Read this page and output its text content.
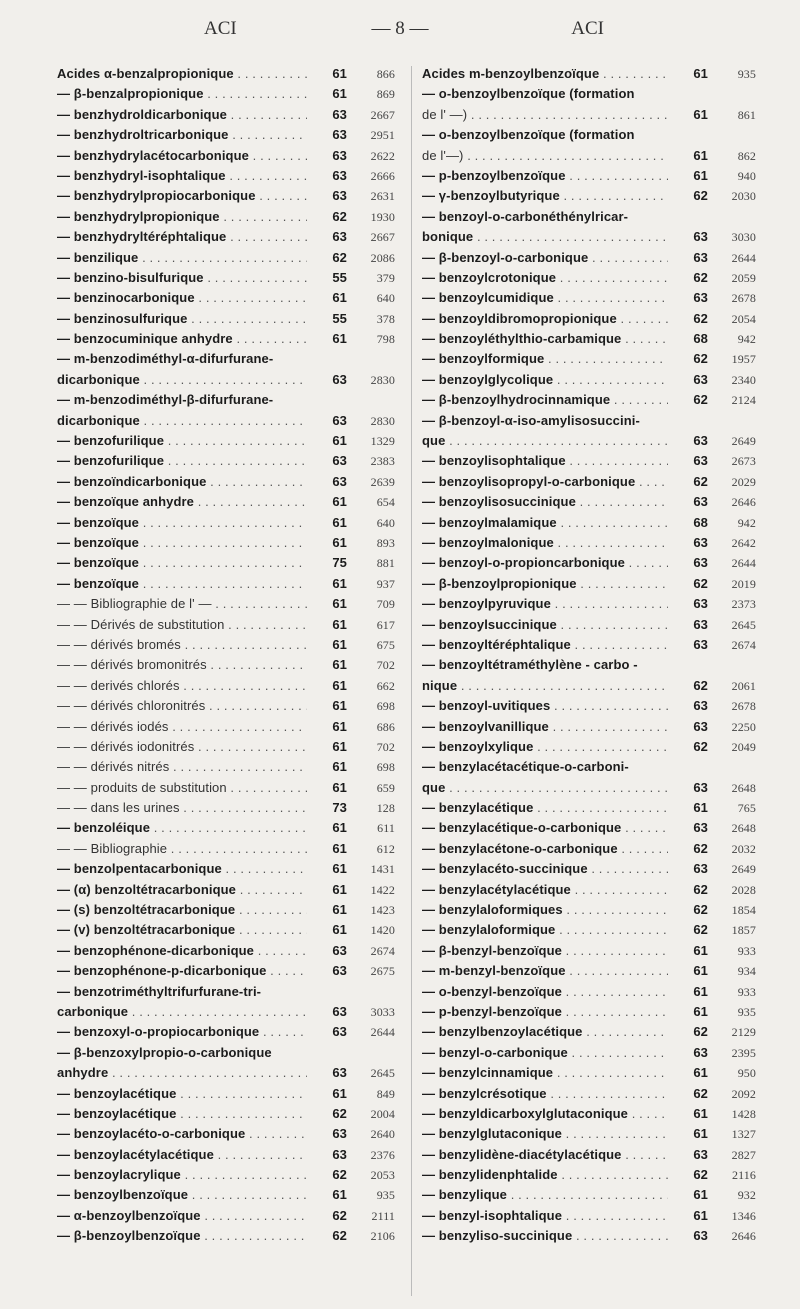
ACI	— 8 —	ACI
Acides α-benzalpropionique . . .	61	866
— β-benzalpropionique . . .	61	869
— benzhydroldicarbonique . . .	63	2667
— benzhydroltricarbonique . . .	63	2951
— benzhydrylacétocarbonique . . .	63	2622
— benzhydryl-isophtalique . . .	63	2666
— benzhydrylpropiocarbonique . . .	63	2631
— benzhydrylpropionique . . .	62	1930
— benzhydryltéréphtalique . . .	63	2667
— benzilique . . .	62	2086
— benzino-bisulfurique . . .	55	379
— benzinocarbonique . . .	61	640
— benzinosulfurique . . .	55	378
— benzocuminique anhydre . . .	61	798
— m-benzodiméthyl-α-difurfurane-
dicarbonique . . .	63	2830
— m-benzodiméthyl-β-difurfurane-
dicarbonique . . .	63	2830
— benzofurilique . . .	61	1329
— benzofurilique . . .	63	2383
— benzoïndicarbonique . . .	63	2639
— benzoïque anhydre . . .	61	654
— benzoïque . . .	61	640
— benzoïque . . .	61	893
— benzoïque . . .	75	881
— benzoïque . . .	61	937
— — Bibliographie de l' — . . .	61	709
— — Dérivés de substitution . . .	61	617
— — dérivés bromés . . .	61	675
— — dérivés bromonitrés . . .	61	702
— — derivés chlorés . . .	61	662
— — dérivés chloronitrés . . .	61	698
— — dérivés iodés . . .	61	686
— — dérivés iodonitrés . . .	61	702
— — dérivés nitrés . . .	61	698
— — produits de substitution . . .	61	659
— — dans les urines . . .	73	128
— benzoléique . . .	61	611
— — Bibliographie . . .	61	612
— benzolpentacarbonique . . .	61	1431
— (α) benzoltétracarbonique . . .	61	1422
— (s) benzoltétracarbonique . . .	61	1423
— (v) benzoltétracarbonique . . .	61	1420
— benzophénone-dicarbonique . . .	63	2674
— benzophénone-p-dicarbonique . . .	63	2675
— benzotriméthyltrifurfurane-tri-
carbonique . . .	63	3033
— benzoxyl-o-propiocarbonique . . .	63	2644
— β-benzoxylpropio-o-carbonique
anhydre . . .	63	2645
— benzoylacétique . . .	61	849
— benzoylacétique . . .	62	2004
— benzoylacéto-o-carbonique . . .	63	2640
— benzoylacétylacétique . . .	63	2376
— benzoylacrylique . . .	62	2053
— benzoylbenzoïque . . .	61	935
— α-benzoylbenzoïque . . .	62	2111
— β-benzoylbenzoïque . . .	62	2106
Acides m-benzoylbenzoïque . . .	61	935
— o-benzoylbenzoïque (formation
de l' —) . . .	61	861
— o-benzoylbenzoïque (formation
de l'—) . . .	61	862
— p-benzoylbenzoïque . . .	61	940
— γ-benzoylbutyrique . . .	62	2030
— benzoyl-o-carbonéthénylricar-
bonique . . .	63	3030
— β-benzoyl-o-carbonique . . .	63	2644
— benzoylcrotonique . . .	62	2059
— benzoylcumidique . . .	63	2678
— benzoyldibromopropionique . . .	62	2054
— benzoyléthylthio-carbamique . . .	68	942
— benzoylformique . . .	62	1957
— benzoylglycolique . . .	63	2340
— β-benzoylhydrocinnamique . . .	62	2124
— β-benzoyl-α-iso-amylisosuccini-
que . . .	63	2649
— benzoylisophtalique . . .	63	2673
— benzoylisopropyl-o-carbonique . . .	62	2029
— benzoylisosuccinique . . .	63	2646
— benzoylmalamique . . .	68	942
— benzoylmalonique . . .	63	2642
— benzoyl-o-propioncarbonique . . .	63	2644
— β-benzoylpropionique . . .	62	2019
— benzoylpyruvique . . .	63	2373
— benzoylsuccinique . . .	63	2645
— benzoyltéréphtalique . . .	63	2674
— benzoyltétraméthylène - carbo -
nique . . .	62	2061
— benzoyl-uvitiques . . .	63	2678
— benzoylvanillique . . .	63	2250
— benzoylxylique . . .	62	2049
— benzylacétacétique-o-carboni-
que . . .	63	2648
— benzylacétique . . .	61	765
— benzylacétique-o-carbonique . . .	63	2648
— benzylacétone-o-carbonique . . .	62	2032
— benzylacéto-succinique . . .	63	2649
— benzylacétylacétique . . .	62	2028
— benzylaloformiques . . .	62	1854
— benzylaloformique . . .	62	1857
— β-benzyl-benzoïque . . .	61	933
— m-benzyl-benzoïque . . .	61	934
— o-benzyl-benzoïque . . .	61	933
— p-benzyl-benzoïque . . .	61	935
— benzylbenzoylacétique . . .	62	2129
— benzyl-o-carbonique . . .	63	2395
— benzylcinnamique . . .	61	950
— benzylcrésotique . . .	62	2092
— benzyldicarboxylglutaconique . . .	61	1428
— benzylglutaconique . . .	61	1327
— benzylidène-diacétylacétique . . .	63	2827
— benzylidenphtalide . . .	62	2116
— benzylique . . .	61	932
— benzyl-isophtalique . . .	61	1346
— benzyliso-succinique . . .	63	2646
